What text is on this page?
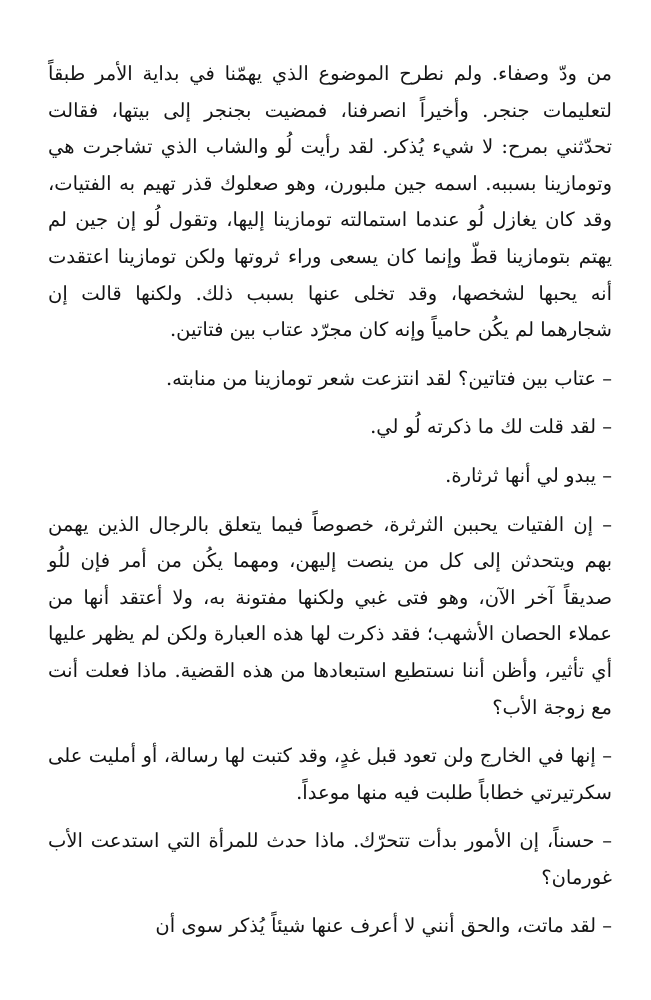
من ودّ وصفاء. ولم نطرح الموضوع الذي يهمّنا في بداية الأمر طبقاً لتعليمات جنجر. وأخيراً انصرفنا، فمضيت بجنجر إلى بيتها، فقالت تحدّثني بمرح: لا شيء يُذكر. لقد رأيت لُو والشاب الذي تشاجرت هي وتومازينا بسببه. اسمه جين ملبورن، وهو صعلوك قذر تهيم به الفتيات، وقد كان يغازل لُو عندما استمالته تومازينا إليها، وتقول لُو إن جين لم يهتم بتومازينا قطّ وإنما كان يسعى وراء ثروتها ولكن تومازينا اعتقدت أنه يحبها لشخصها، وقد تخلى عنها بسبب ذلك. ولكنها قالت إن شجارهما لم يكُن حامياً وإنه كان مجرّد عتاب بين فتاتين.

– عتاب بين فتاتين؟ لقد انتزعت شعر تومازينا من منابته.

– لقد قلت لك ما ذكرته لُو لي.

– يبدو لي أنها ثرثارة.

– إن الفتيات يحببن الثرثرة، خصوصاً فيما يتعلق بالرجال الذين يهمن بهم ويتحدثن إلى كل من ينصت إليهن، ومهما يكُن من أمر فإن للُو صديقاً آخر الآن، وهو فتى غبي ولكنها مفتونة به، ولا أعتقد أنها من عملاء الحصان الأشهب؛ فقد ذكرت لها هذه العبارة ولكن لم يظهر عليها أي تأثير، وأظن أننا نستطيع استبعادها من هذه القضية. ماذا فعلت أنت مع زوجة الأب؟

– إنها في الخارج ولن تعود قبل غدٍ، وقد كتبت لها رسالة، أو أمليت على سكرتيرتي خطاباً طلبت فيه منها موعداً.

– حسناً، إن الأمور بدأت تتحرّك. ماذا حدث للمرأة التي استدعت الأب غورمان؟

– لقد ماتت، والحق أنني لا أعرف عنها شيئاً يُذكر سوى أن
